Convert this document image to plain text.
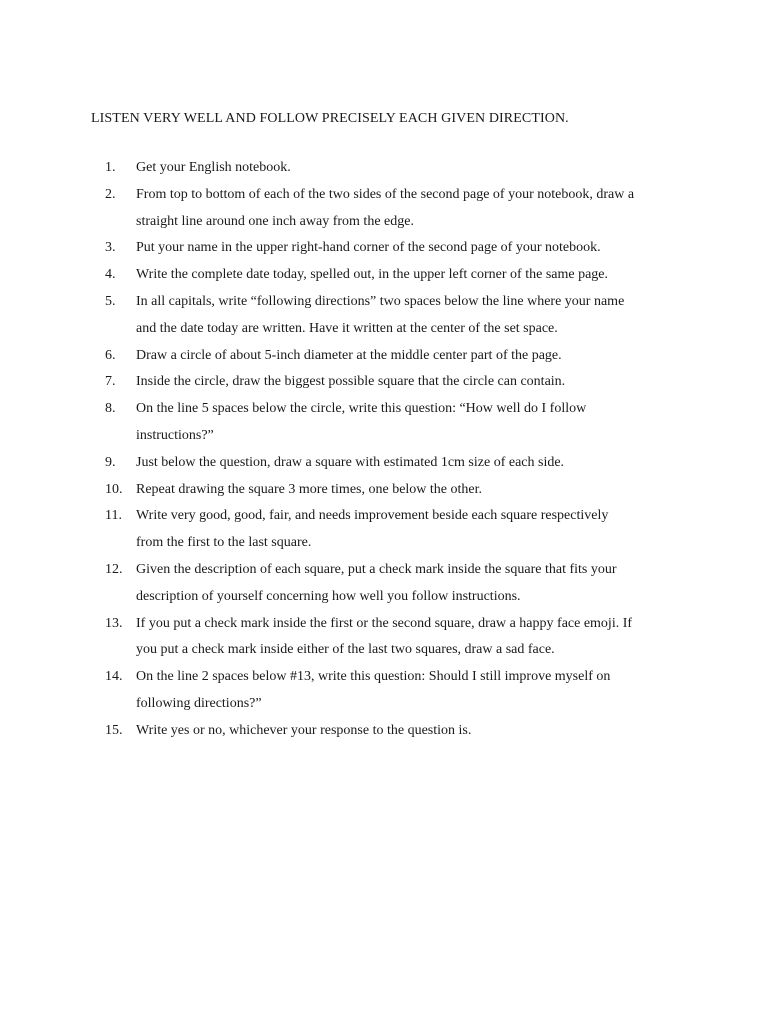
LISTEN VERY WELL AND FOLLOW PRECISELY EACH GIVEN DIRECTION.
1.	Get your English notebook.
2.	From top to bottom of each of the two sides of the second page of your notebook, draw a
straight line around one inch away from the edge.
3.	Put your name in the upper right-hand corner of the second page of your notebook.
4.	Write the complete date today, spelled out, in the upper left corner of the same page.
5.	In all capitals, write “following directions” two spaces below the line where your name
and the date today are written. Have it written at the center of the set space.
6.	Draw a circle of about 5-inch diameter at the middle center part of the page.
7.	Inside the circle, draw the biggest possible square that the circle can contain.
8.	On the line 5 spaces below the circle, write this question: “How well do I follow
instructions?”
9.	Just below the question, draw a square with estimated 1cm size of each side.
10. Repeat drawing the square 3 more times, one below the other.
11.	Write very good, good, fair, and needs improvement beside each square respectively
from the first to the last square.
12. Given the description of each square, put a check mark inside the square that fits your
description of yourself concerning how well you follow instructions.
13. If you put a check mark inside the first or the second square, draw a happy face emoji. If
you put a check mark inside either of the last two squares, draw a sad face.
14. On the line 2 spaces below #13, write this question: Should I still improve myself on
following directions?”
15. Write yes or no, whichever your response to the question is.
